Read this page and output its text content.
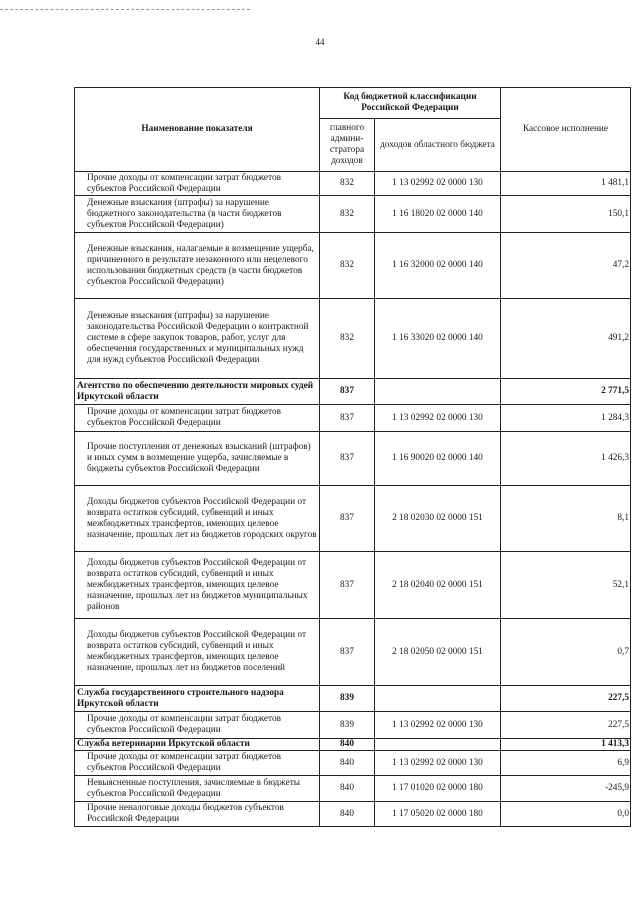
44
Наименование показателя	Код бюджетной классификации Российской Федерации		Кассовое исполнение
	главного админи-стратора доходов	доходов областного бюджета	
Прочие доходы от компенсации затрат бюджетов субъектов Российской Федерации	832	1 13 02992 02 0000 130	1 481,1
Денежные взыскания (штрафы) за нарушение бюджетного законодательства (в части бюджетов субъектов Российской Федерации)	832	1 16 18020 02 0000 140	150,1
Денежные взыскания, налагаемые в возмещение ущерба, причиненного в результате незаконного или нецелевого использования бюджетных средств (в части бюджетов субъектов Российской Федерации)	832	1 16 32000 02 0000 140	47,2
Денежные взыскания (штрафы) за нарушение законодательства Российской Федерации о контрактной системе в сфере закупок товаров, работ, услуг для обеспечения государственных и муниципальных нужд для нужд субъектов Российской Федерации	832	1 16 33020 02 0000 140	491,2
Агентство по обеспечению деятельности мировых судей Иркутской области	837		2 771,5
Прочие доходы от компенсации затрат бюджетов субъектов Российской Федерации	837	1 13 02992 02 0000 130	1 284,3
Прочие поступления от денежных взысканий (штрафов) и иных сумм в возмещение ущерба, зачисляемые в бюджеты субъектов Российской Федерации	837	1 16 90020 02 0000 140	1 426,3
Доходы бюджетов субъектов Российской Федерации от возврата остатков субсидий, субвенций и иных межбюджетных трансфертов, имеющих целевое назначение, прошлых лет из бюджетов городских округов	837	2 18 02030 02 0000 151	8,1
Доходы бюджетов субъектов Российской Федерации от возврата остатков субсидий, субвенций и иных межбюджетных трансфертов, имеющих целевое назначение, прошлых лет из бюджетов муниципальных районов	837	2 18 02040 02 0000 151	52,1
Доходы бюджетов субъектов Российской Федерации от возврата остатков субсидий, субвенций и иных межбюджетных трансфертов, имеющих целевое назначение, прошлых лет из бюджетов поселений	837	2 18 02050 02 0000 151	0,7
Служба государственного строительного надзора Иркутской области	839		227,5
Прочие доходы от компенсации затрат бюджетов субъектов Российской Федерации	839	1 13 02992 02 0000 130	227,5
Служба ветеринарии Иркутской области	840		1 413,3
Прочие доходы от компенсации затрат бюджетов субъектов Российской Федерации	840	1 13 02992 02 0000 130	6,9
Невыясненные поступления, зачисляемые в бюджеты субъектов Российской Федерации	840	1 17 01020 02 0000 180	-245,9
Прочие неналоговые доходы бюджетов субъектов Российской Федерации	840	1 17 05020 02 0000 180	0,0
